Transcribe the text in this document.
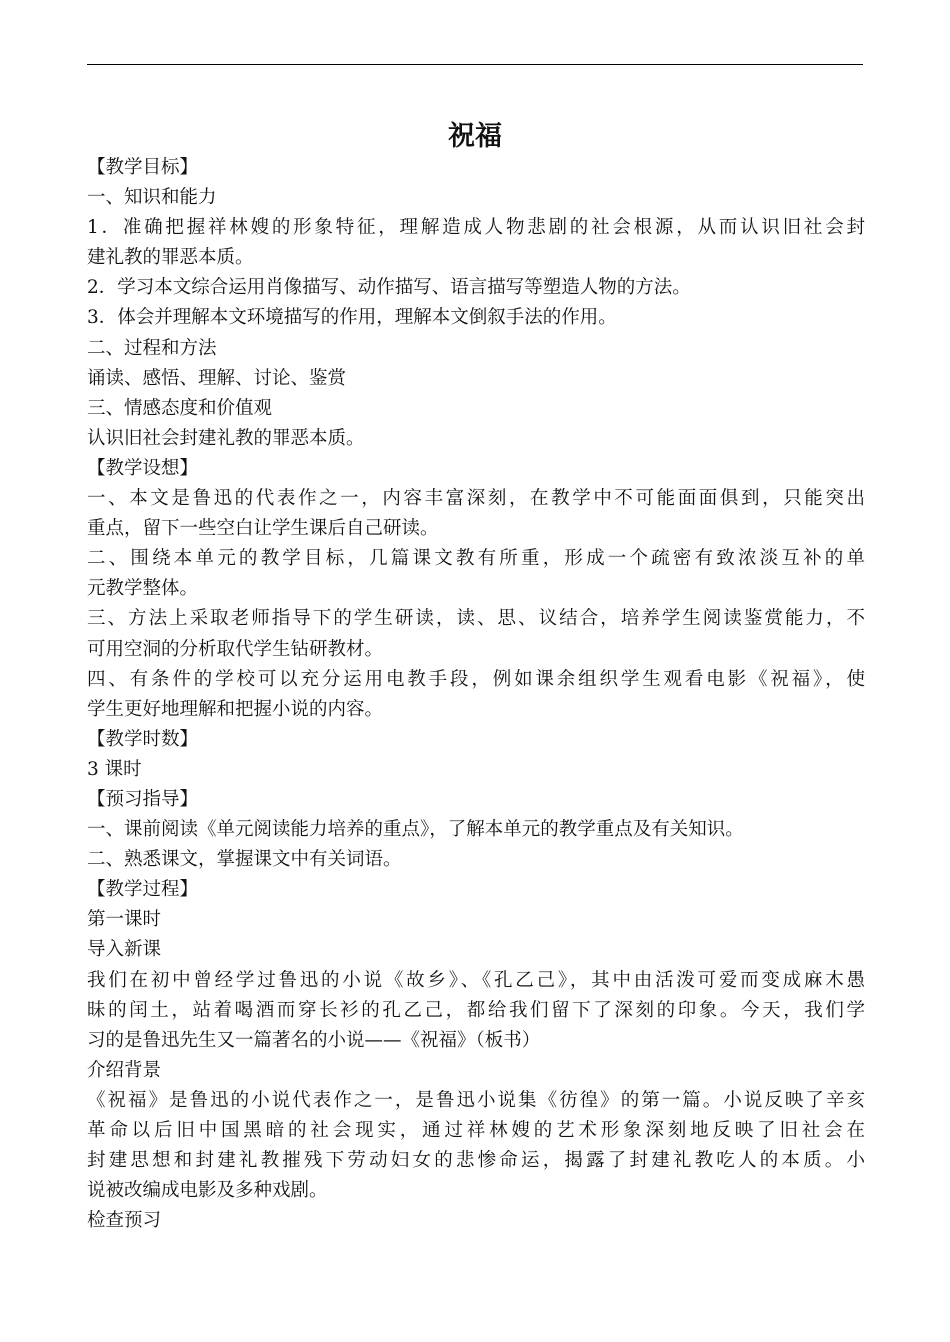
祝福
【教学目标】
一、知识和能力
1．准确把握祥林嫂的形象特征，理解造成人物悲剧的社会根源，从而认识旧社会封
建礼教的罪恶本质。
2．学习本文综合运用肖像描写、动作描写、语言描写等塑造人物的方法。
3．体会并理解本文环境描写的作用，理解本文倒叙手法的作用。
二、过程和方法
诵读、感悟、理解、讨论、鉴赏
三、情感态度和价值观
认识旧社会封建礼教的罪恶本质。
【教学设想】
一、本文是鲁迅的代表作之一，内容丰富深刻，在教学中不可能面面俱到，只能突出
重点，留下一些空白让学生课后自己研读。
二、围绕本单元的教学目标，几篇课文教有所重，形成一个疏密有致浓淡互补的单
元教学整体。
三、方法上采取老师指导下的学生研读，读、思、议结合，培养学生阅读鉴赏能力，不
可用空洞的分析取代学生钻研教材。
四、有条件的学校可以充分运用电教手段，例如课余组织学生观看电影《祝福》，使
学生更好地理解和把握小说的内容。
【教学时数】
3 课时
【预习指导】
一、课前阅读《单元阅读能力培养的重点》，了解本单元的教学重点及有关知识。
二、熟悉课文，掌握课文中有关词语。
【教学过程】
第一课时
导入新课
我们在初中曾经学过鲁迅的小说《故乡》、《孔乙己》，其中由活泼可爱而变成麻木愚
昧的闰土，站着喝酒而穿长衫的孔乙己，都给我们留下了深刻的印象。今天，我们学
习的是鲁迅先生又一篇著名的小说——《祝福》（板书）
介绍背景
《祝福》是鲁迅的小说代表作之一，是鲁迅小说集《彷徨》的第一篇。小说反映了辛亥
革命以后旧中国黑暗的社会现实，通过祥林嫂的艺术形象深刻地反映了旧社会在
封建思想和封建礼教摧残下劳动妇女的悲惨命运，揭露了封建礼教吃人的本质。小
说被改编成电影及多种戏剧。
检查预习
